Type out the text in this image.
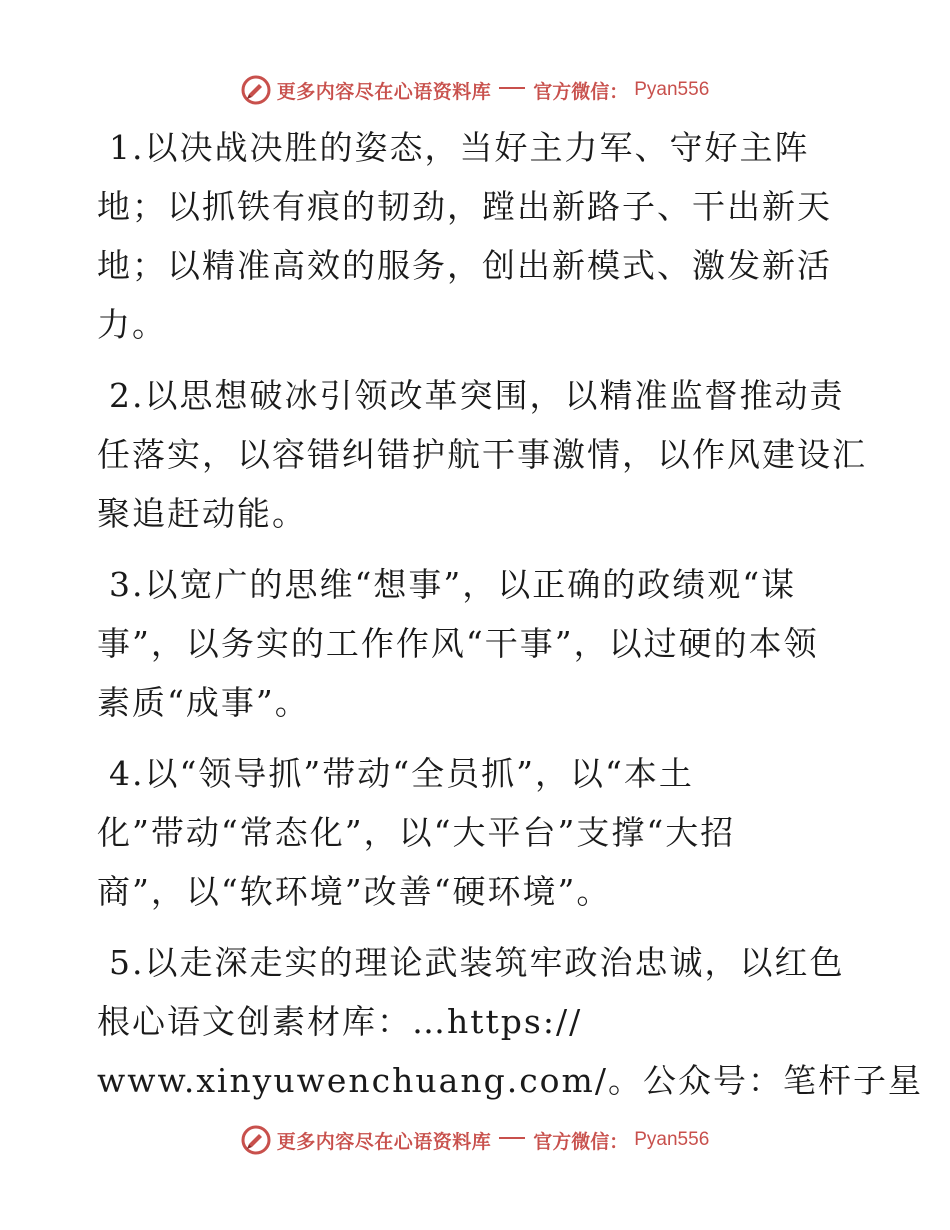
更多内容尽在心语资料库 官方微信： Pyan556
1.以决战决胜的姿态，当好主力军、守好主阵
地；以抓铁有痕的韧劲，蹚出新路子、干出新天
地；以精准高效的服务，创出新模式、激发新活
力。
2.以思想破冰引领改革突围，以精准监督推动责
任落实，以容错纠错护航干事激情，以作风建设汇
聚追赶动能。
3.以宽广的思维“想事”，以正确的政绩观“谋
事”，以务实的工作作风“干事”，以过硬的本领
素质“成事”。
4.以“领导抓”带动“全员抓”，以“本土
化”带动“常态化”，以“大平台”支撑“大招
商”，以“软环境”改善“硬环境”。
5.以走深走实的理论武装筑牢政治忠诚，以红色
根心语文创素材库：…https://
www.xinyuwenchuang.com/。公众号：笔杆子星
更多内容尽在心语资料库 官方微信： Pyan556
